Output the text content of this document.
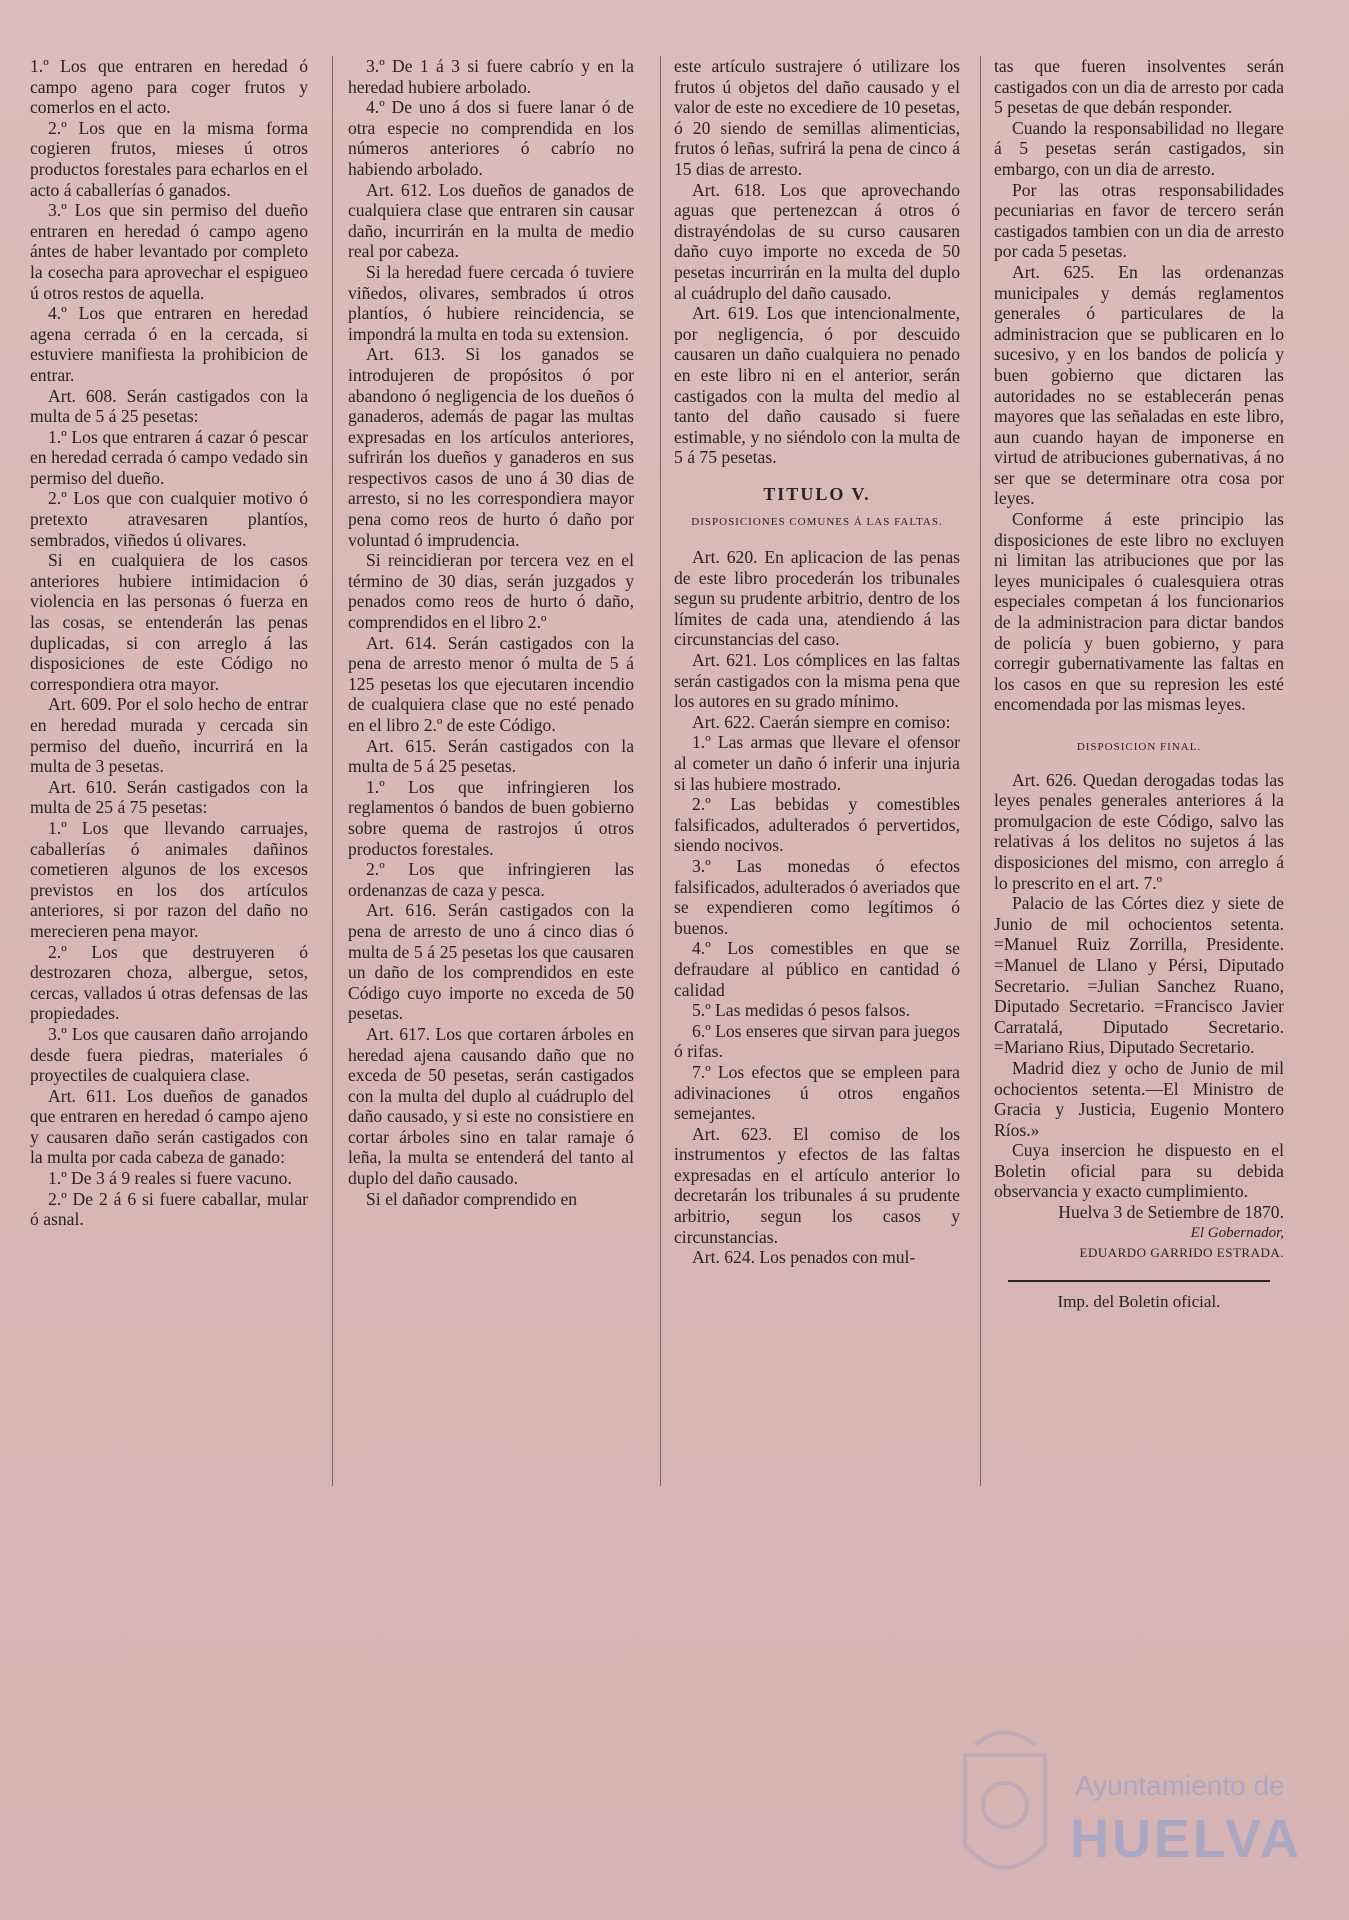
1.º Los que entraren en heredad ó campo ageno para coger frutos y comerlos en el acto.

2.º Los que en la misma forma cogieren frutos, mieses ú otros productos forestales para echarlos en el acto á caballerías ó ganados.

3.º Los que sin permiso del dueño entraren en heredad ó campo ageno ántes de haber levantado por completo la cosecha para aprovechar el espigueo ú otros restos de aquella.

4.º Los que entraren en heredad agena cerrada ó en la cercada, si estuviere manifiesta la prohibicion de entrar.

Art. 608. Serán castigados con la multa de 5 á 25 pesetas:

1.º Los que entraren á cazar ó pescar en heredad cerrada ó campo vedado sin permiso del dueño.

2.º Los que con cualquier motivo ó pretexto atravesaren plantíos, sembrados, viñedos ú olivares.

Si en cualquiera de los casos anteriores hubiere intimidacion ó violencia en las personas ó fuerza en las cosas, se entenderán las penas duplicadas, si con arreglo á las disposiciones de este Código no correspondiera otra mayor.

Art. 609. Por el solo hecho de entrar en heredad murada y cercada sin permiso del dueño, incurrirá en la multa de 3 pesetas.

Art. 610. Serán castigados con la multa de 25 á 75 pesetas:

1.º Los que llevando carruajes, caballerías ó animales dañinos cometieren algunos de los excesos previstos en los dos artículos anteriores, si por razon del daño no merecieren pena mayor.

2.º Los que destruyeren ó destrozaren choza, albergue, setos, cercas, vallados ú otras defensas de las propiedades.

3.º Los que causaren daño arrojando desde fuera piedras, materiales ó proyectiles de cualquiera clase.

Art. 611. Los dueños de ganados que entraren en heredad ó campo ajeno y causaren daño serán castigados con la multa por cada cabeza de ganado:

1.º De 3 á 9 reales si fuere vacuno.

2.º De 2 á 6 si fuere caballar, mular ó asnal.

3.º De 1 á 3 si fuere cabrío y en la heredad hubiere arbolado.

4.º De uno á dos si fuere lanar ó de otra especie no comprendida en los números anteriores ó cabrío no habiendo arbolado.

Art. 612. Los dueños de ganados de cualquiera clase que entraren sin causar daño, incurrirán en la multa de medio real por cabeza.

Si la heredad fuere cercada ó tuviere viñedos, olivares, sembrados ú otros plantíos, ó hubiere reincidencia, se impondrá la multa en toda su extension.

Art. 613. Si los ganados se introdujeren de propósitos ó por abandono ó negligencia de los dueños ó ganaderos, además de pagar las multas expresadas en los artículos anteriores, sufrirán los dueños y ganaderos en sus respectivos casos de uno á 30 dias de arresto, si no les correspondiera mayor pena como reos de hurto ó daño por voluntad ó imprudencia.

Si reincidieran por tercera vez en el término de 30 dias, serán juzgados y penados como reos de hurto ó daño, comprendidos en el libro 2.º

Art. 614. Serán castigados con la pena de arresto menor ó multa de 5 á 125 pesetas los que ejecutaren incendio de cualquiera clase que no esté penado en el libro 2.º de este Código.

Art. 615. Serán castigados con la multa de 5 á 25 pesetas.

1.º Los que infringieren los reglamentos ó bandos de buen gobierno sobre quema de rastrojos ú otros productos forestales.

2.º Los que infringieren las ordenanzas de caza y pesca.

Art. 616. Serán castigados con la pena de arresto de uno á cinco dias ó multa de 5 á 25 pesetas los que causaren un daño de los comprendidos en este Código cuyo importe no exceda de 50 pesetas.

Art. 617. Los que cortaren árboles en heredad ajena causando daño que no exceda de 50 pesetas, serán castigados con la multa del duplo al cuádruplo del daño causado, y si este no consistiere en cortar árboles sino en talar ramaje ó leña, la multa se entenderá del tanto al duplo del daño causado.

Si el dañador comprendido en

este artículo sustrajere ó utilizare los frutos ú objetos del daño causado y el valor de este no excediere de 10 pesetas, ó 20 siendo de semillas alimenticias, frutos ó leñas, sufrirá la pena de cinco á 15 dias de arresto.

Art. 618. Los que aprovechando aguas que pertenezcan á otros ó distrayéndolas de su curso causaren daño cuyo importe no exceda de 50 pesetas incurrirán en la multa del duplo al cuádruplo del daño causado.

Art. 619. Los que intencionalmente, por negligencia, ó por descuido causaren un daño cualquiera no penado en este libro ni en el anterior, serán castigados con la multa del medio al tanto del daño causado si fuere estimable, y no siéndolo con la multa de 5 á 75 pesetas.

TITULO V.
DISPOSICIONES COMUNES Á LAS FALTAS.

Art. 620. En aplicacion de las penas de este libro procederán los tribunales segun su prudente arbitrio, dentro de los límites de cada una, atendiendo á las circunstancias del caso.

Art. 621. Los cómplices en las faltas serán castigados con la misma pena que los autores en su grado mínimo.

Art. 622. Caerán siempre en comiso:

1.º Las armas que llevare el ofensor al cometer un daño ó inferir una injuria si las hubiere mostrado.

2.º Las bebidas y comestibles falsificados, adulterados ó pervertidos, siendo nocivos.

3.º Las monedas ó efectos falsificados, adulterados ó averiados que se expendieren como legítimos ó buenos.

4.º Los comestibles en que se defraudare al público en cantidad ó calidad

5.º Las medidas ó pesos falsos.

6.º Los enseres que sirvan para juegos ó rifas.

7.º Los efectos que se empleen para adivinaciones ú otros engaños semejantes.

Art. 623. El comiso de los instrumentos y efectos de las faltas expresadas en el artículo anterior lo decretarán los tribunales á su prudente arbitrio, segun los casos y circunstancias.

Art. 624. Los penados con mul-

tas que fueren insolventes serán castigados con un dia de arresto por cada 5 pesetas de que debán responder.

Cuando la responsabilidad no llegare á 5 pesetas serán castigados, sin embargo, con un dia de arresto.

Por las otras responsabilidades pecuniarias en favor de tercero serán castigados tambien con un dia de arresto por cada 5 pesetas.

Art. 625. En las ordenanzas municipales y demás reglamentos generales ó particulares de la administracion que se publicaren en lo sucesivo, y en los bandos de policía y buen gobierno que dictaren las autoridades no se establecerán penas mayores que las señaladas en este libro, aun cuando hayan de imponerse en virtud de atribuciones gubernativas, á no ser que se determinare otra cosa por leyes.

Conforme á este principio las disposiciones de este libro no excluyen ni limitan las atribuciones que por las leyes municipales ó cualesquiera otras especiales competan á los funcionarios de la administracion para dictar bandos de policía y buen gobierno, y para corregir gubernativamente las faltas en los casos en que su represion les esté encomendada por las mismas leyes.

DISPOSICION FINAL.

Art. 626. Quedan derogadas todas las leyes penales generales anteriores á la promulgacion de este Código, salvo las relativas á los delitos no sujetos á las disposiciones del mismo, con arreglo á lo prescrito en el art. 7.º

Palacio de las Córtes diez y siete de Junio de mil ochocientos setenta. =Manuel Ruiz Zorrilla, Presidente. =Manuel de Llano y Pérsi, Diputado Secretario. =Julian Sanchez Ruano, Diputado Secretario. =Francisco Javier Carratalá, Diputado Secretario. =Mariano Rius, Diputado Secretario.

Madrid diez y ocho de Junio de mil ochocientos setenta.—El Ministro de Gracia y Justicia, Eugenio Montero Ríos.»

Cuya insercion he dispuesto en el Boletin oficial para su debida observancia y exacto cumplimiento.

Huelva 3 de Setiembre de 1870.

El Gobernador,
EDUARDO GARRIDO ESTRADA.
Imp. del Boletin oficial.
Ayuntamiento de
HUELVA
